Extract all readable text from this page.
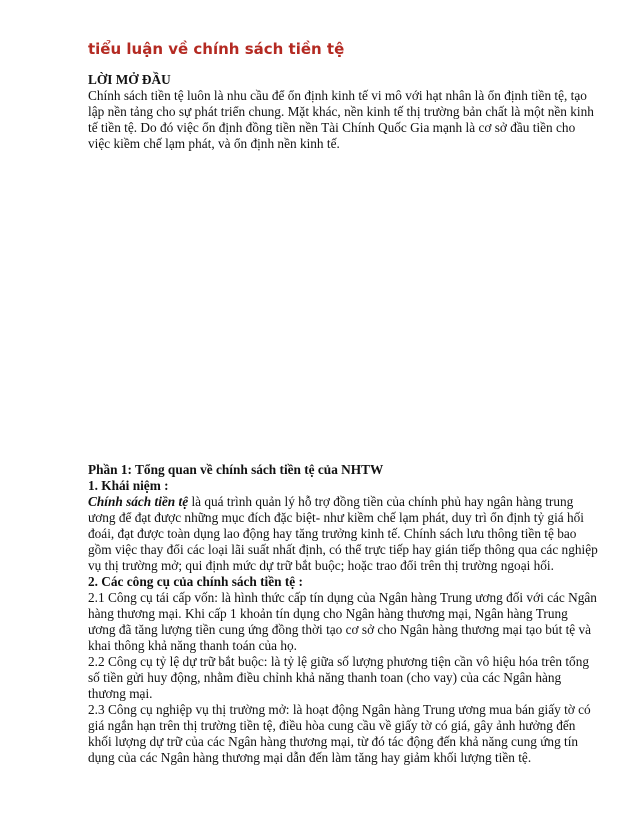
tiểu luận về chính sách tiền tệ

LỜI MỞ ĐẦU

Chính sách tiền tệ luôn là nhu cầu để ổn định kinh tế vi mô với hạt nhân là ổn định tiền tệ, tạo lập nền tảng cho sự phát triển chung. Mặt khác, nền kinh tế thị trường bản chất là một nền kinh tế tiền tệ. Do đó việc ổn định đồng tiền nền Tài Chính Quốc Gia mạnh là cơ sở đầu tiền cho việc kiềm chế lạm phát, và ổn định nền kinh tế.

Phần 1: Tổng quan về chính sách tiền tệ của NHTW

1. Khái niệm :

Chính sách tiền tệ là quá trình quản lý hỗ trợ đồng tiền của chính phủ hay ngân hàng trung ương để đạt được những mục đích đặc biệt- như kiềm chế lạm phát, duy trì ổn định tỷ giá hối đoái, đạt được toàn dụng lao động hay tăng trưởng kinh tế. Chính sách lưu thông tiền tệ bao gồm việc thay đổi các loại lãi suất nhất định, có thể trực tiếp hay gián tiếp thông qua các nghiệp vụ thị trường mở; qui định mức dự trữ bắt buộc; hoặc trao đổi trên thị trường ngoại hối.

2. Các công cụ của chính sách tiền tệ :

2.1 Công cụ tái cấp vốn: là hình thức cấp tín dụng của Ngân hàng Trung ương đối với các Ngân hàng thương mại. Khi cấp 1 khoản tín dụng cho Ngân hàng thương mại, Ngân hàng Trung ương đã tăng lượng tiền cung ứng đồng thời tạo cơ sở cho Ngân hàng thương mại tạo bút tệ và khai thông khả năng thanh toán của họ.

2.2 Công cụ tỷ lệ dự trữ bắt buộc: là tỷ lệ giữa số lượng phương tiện cần vô hiệu hóa trên tổng số tiền gửi huy động, nhằm điều chỉnh khả năng thanh toan (cho vay) của các Ngân hàng thương mại.

2.3 Công cụ nghiệp vụ thị trường mở: là hoạt động Ngân hàng Trung ương mua bán giấy tờ có giá ngắn hạn trên thị trường tiền tệ, điều hòa cung cầu về giấy tờ có giá, gây ảnh hưởng đến khối lượng dự trữ của các Ngân hàng thương mại, từ đó tác động đến khả năng cung ứng tín dụng của các Ngân hàng thương mại dẫn đến làm tăng hay giảm khối lượng tiền tệ.
